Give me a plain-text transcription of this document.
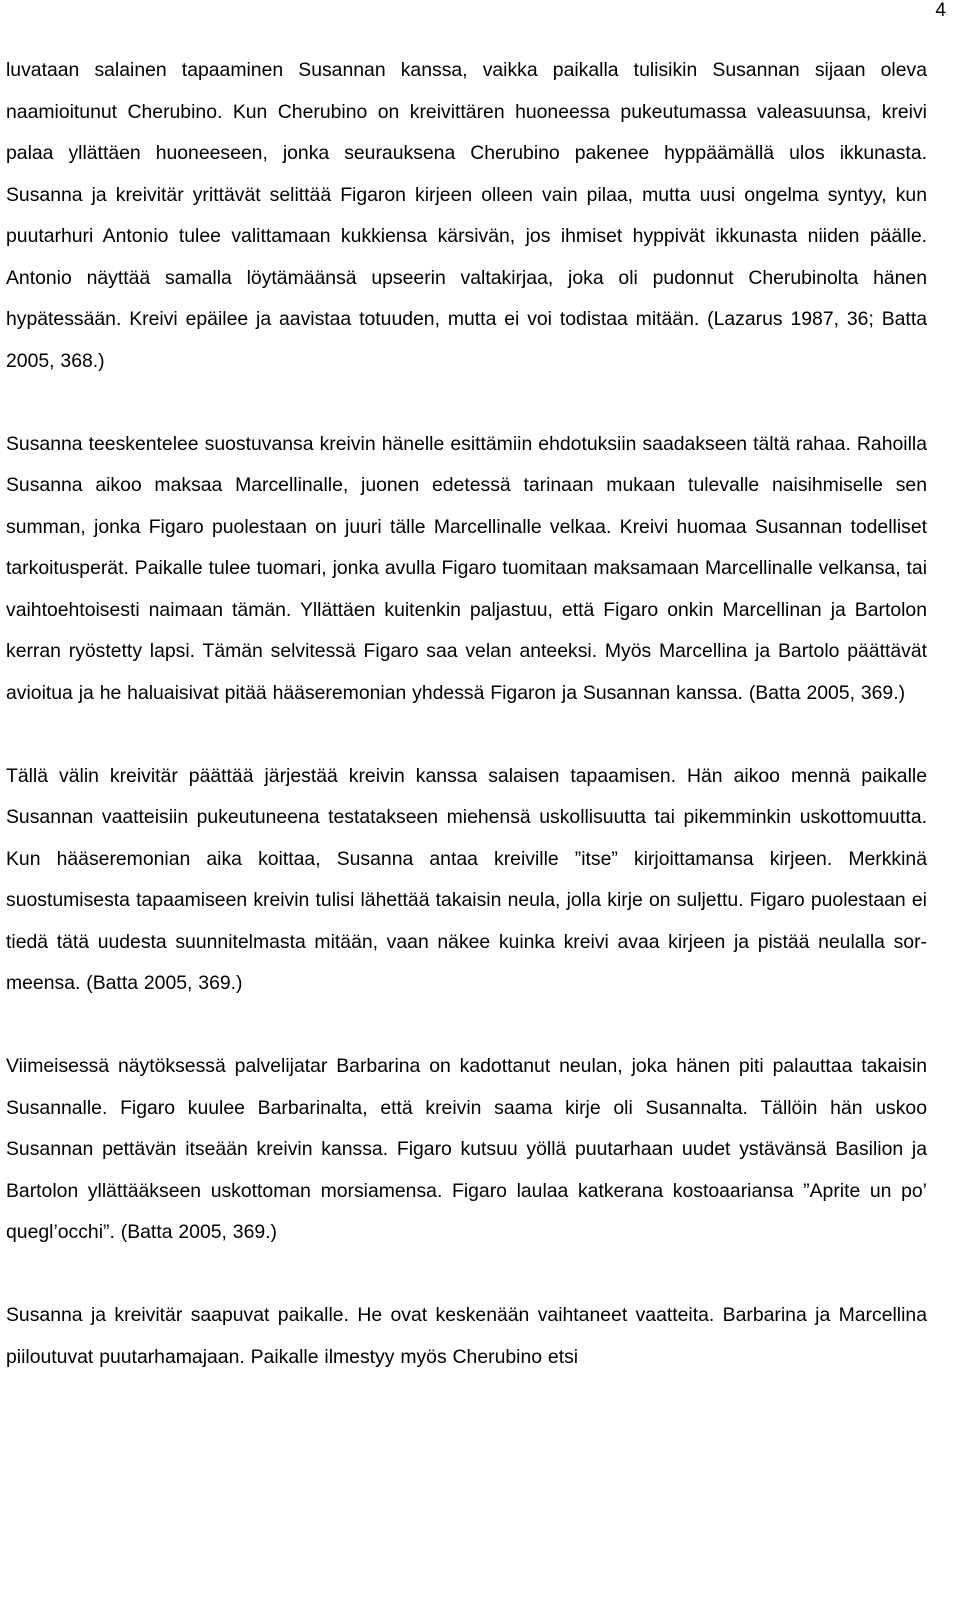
4

luvataan salainen tapaaminen Susannan kanssa, vaikka paikalla tulisikin Susannan sijaan oleva naamioitunut Cherubino. Kun Cherubino on kreivittären huoneessa pukeutumassa valeasuunsa, kreivi palaa yllättäen huoneeseen, jonka seurauksena Cherubino pakenee hyppäämällä ulos ikkunasta. Susanna ja kreivitär yrittävät selittää Figaron kirjeen olleen vain pilaa, mutta uusi ongelma syntyy, kun puutarhuri Antonio tulee valittamaan kukkiensa kärsivän, jos ihmiset hyppivät ikkunasta niiden päälle. Antonio näyttää samalla löytämäänsä upseerin valtakirjaa, joka oli pudonnut Cherubinolta hänen hypätessään. Kreivi epäilee ja aavistaa totuuden, mutta ei voi todistaa mitään. (Lazarus 1987, 36; Batta 2005, 368.)

Susanna teeskentelee suostuvansa kreivin hänelle esittämiin ehdotuksiin saadakseen tältä rahaa. Rahoilla Susanna aikoo maksaa Marcellinalle, juonen edetessä tarinaan mukaan tulevalle naisihmiselle sen summan, jonka Figaro puolestaan on juuri tälle Marcellinalle velkaa. Kreivi huomaa Susannan todelliset tarkoitusperät. Paikalle tulee tuomari, jonka avulla Figaro tuomitaan maksamaan Marcellinalle velkansa, tai vaihtoehtoisesti naimaan tämän. Yllättäen kuitenkin paljastuu, että Figaro onkin Marcellinan ja Bartolon kerran ryöstetty lapsi. Tämän selvitessä Figaro saa velan anteeksi. Myös Marcellina ja Bartolo päättävät avioitua ja he haluaisivat pitää hääseremonian yhdessä Figaron ja Susannan kanssa. (Batta 2005, 369.)

Tällä välin kreivitär päättää järjestää kreivin kanssa salaisen tapaamisen. Hän aikoo mennä paikalle Susannan vaatteisiin pukeutuneena testatakseen miehensä uskollisuutta tai pikemminkin uskottomuutta. Kun hääseremonian aika koittaa, Susanna antaa kreiville ”itse” kirjoittamansa kirjeen. Merkkinä suostumisesta tapaamiseen kreivin tulisi lähettää takaisin neula, jolla kirje on suljettu. Figaro puolestaan ei tiedä tätä uudesta suunnitelmasta mitään, vaan näkee kuinka kreivi avaa kirjeen ja pistää neulalla sormeensa. (Batta 2005, 369.)

Viimeisessä näytöksessä palvelijatar Barbarina on kadottanut neulan, joka hänen piti palauttaa takaisin Susannalle. Figaro kuulee Barbarinalta, että kreivin saama kirje oli Susannalta. Tällöin hän uskoo Susannan pettävän itseään kreivin kanssa. Figaro kutsuu yöllä puutarhaan uudet ystävänsä Basilion ja Bartolon yllättääkseen uskottoman morsiamensa. Figaro laulaa katkerana kostoaariansa ”Aprite un po’ quegl’occhi”. (Batta 2005, 369.)

Susanna ja kreivitär saapuvat paikalle. He ovat keskenään vaihtaneet vaatteita. Barbarina ja Marcellina piiloutuvat puutarhamajaan. Paikalle ilmestyy myös Cherubino etsi
